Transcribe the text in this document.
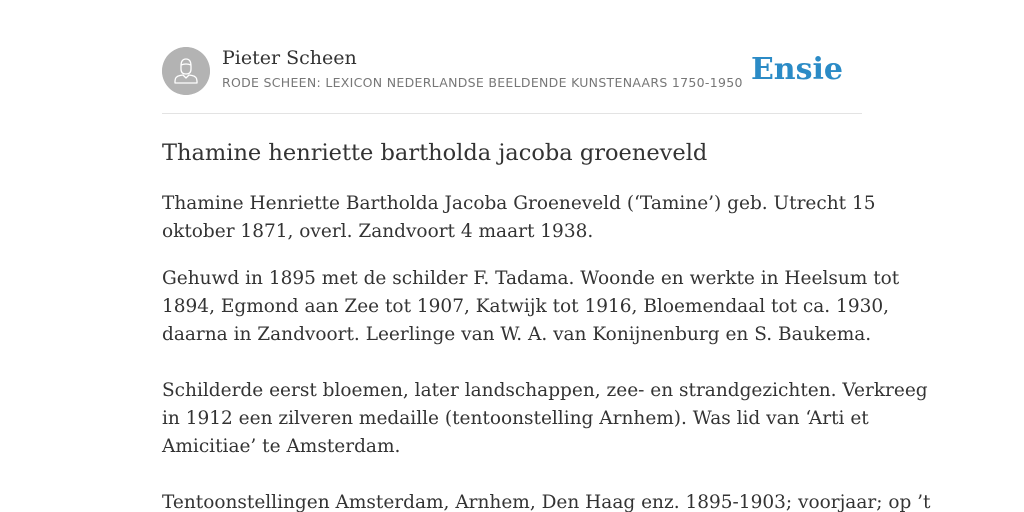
Pieter Scheen
RODE SCHEEN: LEXICON NEDERLANDSE BEELDENDE KUNSTENAARS 1750-1950 Ensie
Thamine henriette bartholda jacoba groeneveld

Thamine Henriette Bartholda Jacoba Groeneveld (‘Tamine’) geb. Utrecht 15
oktober 1871, overl. Zandvoort 4 maart 1938.

Gehuwd in 1895 met de schilder F. Tadama. Woonde en werkte in Heelsum tot
1894, Egmond aan Zee tot 1907, Katwijk tot 1916, Bloemendaal tot ca. 1930,
daarna in Zandvoort. Leerlinge van W. A. van Konijnenburg en S. Baukema.

Schilderde eerst bloemen, later landschappen, zee- en strandgezichten. Verkreeg
in 1912 een zilveren medaille (tentoonstelling Arnhem). Was lid van ‘Arti et
Amicitiae’ te Amsterdam.

Tentoonstellingen Amsterdam, Arnhem, Den Haag enz. 1895-1903; voorjaar; op ’t
